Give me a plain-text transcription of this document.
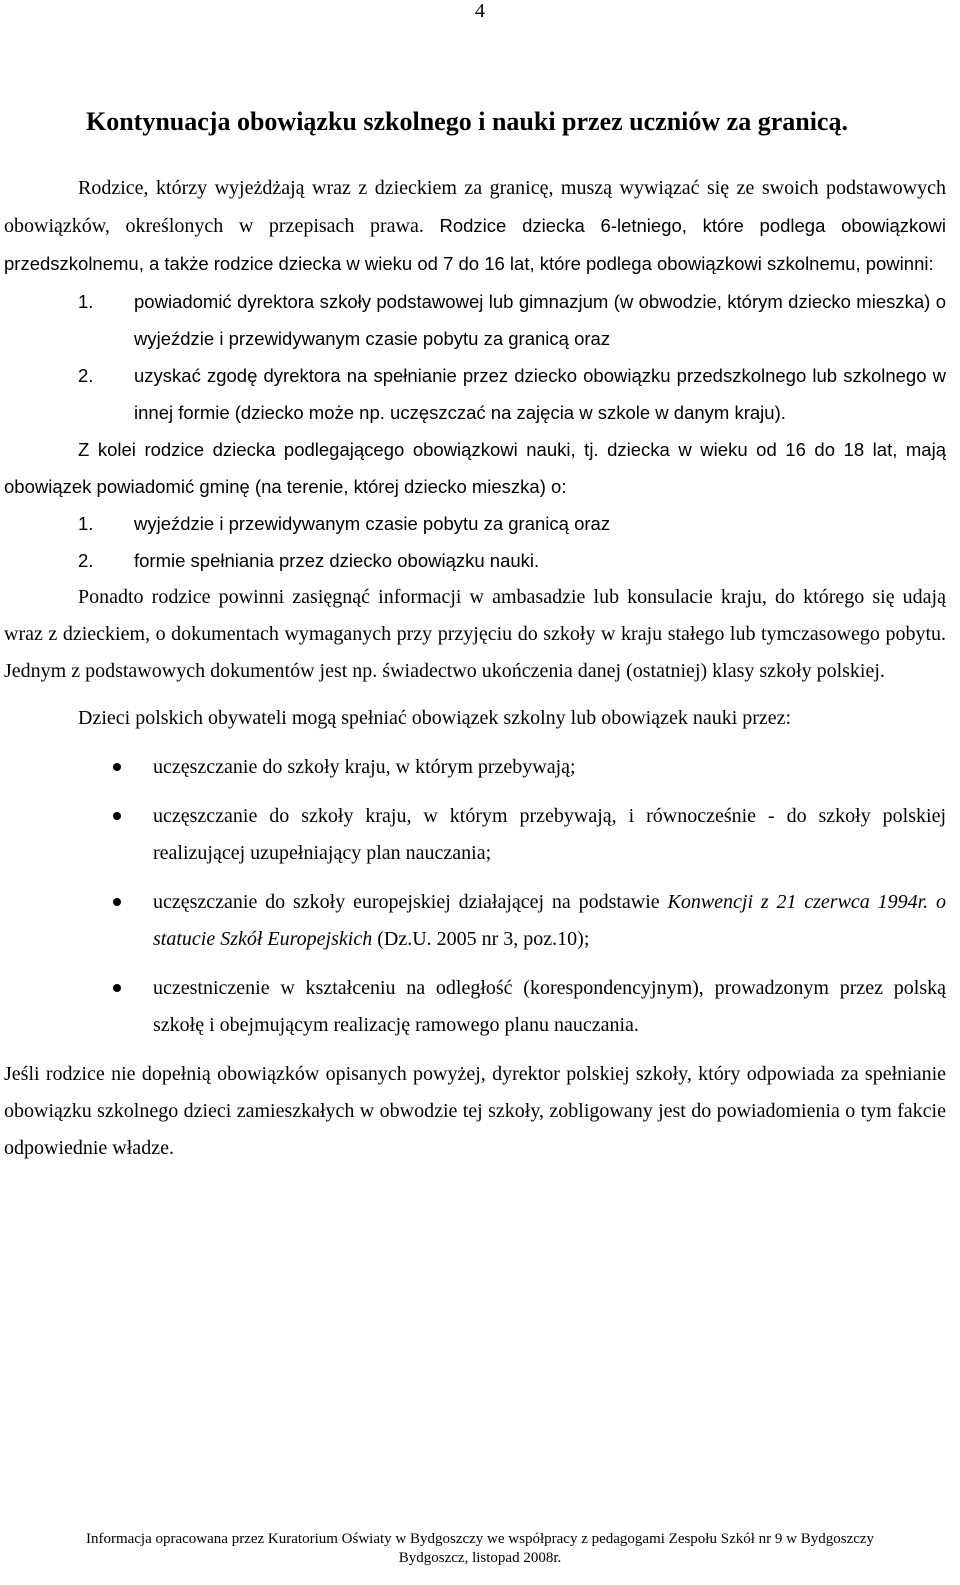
4
Kontynuacja obowiązku szkolnego i nauki przez uczniów za granicą.

Rodzice, którzy wyjeżdżają wraz z dzieckiem za granicę, muszą wywiązać się ze swoich podstawowych obowiązków, określonych w przepisach prawa. Rodzice dziecka 6-letniego, które podlega obowiązkowi przedszkolnemu, a także rodzice dziecka w wieku od 7 do 16 lat, które podlega obowiązkowi szkolnemu, powinni:

1. powiadomić dyrektora szkoły podstawowej lub gimnazjum (w obwodzie, którym dziecko mieszka) o wyjeździe i przewidywanym czasie pobytu za granicą oraz
2. uzyskać zgodę dyrektora na spełnianie przez dziecko obowiązku przedszkolnego lub szkolnego w innej formie (dziecko może np. uczęszczać na zajęcia w szkole w danym kraju).

Z kolei rodzice dziecka podlegającego obowiązkowi nauki, tj. dziecka w wieku od 16 do 18 lat, mają obowiązek powiadomić gminę (na terenie, której dziecko mieszka) o:

1. wyjeździe i przewidywanym czasie pobytu za granicą oraz
2. formie spełniania przez dziecko obowiązku nauki.

Ponadto rodzice powinni zasięgnąć informacji w ambasadzie lub konsulacie kraju, do którego się udają wraz z dzieckiem, o dokumentach wymaganych przy przyjęciu do szkoły w kraju stałego lub tymczasowego pobytu. Jednym z podstawowych dokumentów jest np. świadectwo ukończenia danej (ostatniej) klasy szkoły polskiej.

Dzieci polskich obywateli mogą spełniać obowiązek szkolny lub obowiązek nauki przez:

uczęszczanie do szkoły kraju, w którym przebywają;
uczęszczanie do szkoły kraju, w którym przebywają, i równocześnie - do szkoły polskiej realizującej uzupełniający plan nauczania;
uczęszczanie do szkoły europejskiej działającej na podstawie Konwencji z 21 czerwca 1994r. o statucie Szkół Europejskich (Dz.U. 2005 nr 3, poz.10);
uczestniczenie w kształceniu na odległość (korespondencyjnym), prowadzonym przez polską szkołę i obejmującym realizację ramowego planu nauczania.

Jeśli rodzice nie dopełnią obowiązków opisanych powyżej, dyrektor polskiej szkoły, który odpowiada za spełnianie obowiązku szkolnego dzieci zamieszkałych w obwodzie tej szkoły, zobligowany jest do powiadomienia o tym fakcie odpowiednie władze.

Informacja opracowana przez Kuratorium Oświaty w Bydgoszczy we współpracy z pedagogami Zespołu Szkół nr 9 w Bydgoszczy
Bydgoszcz, listopad 2008r.
